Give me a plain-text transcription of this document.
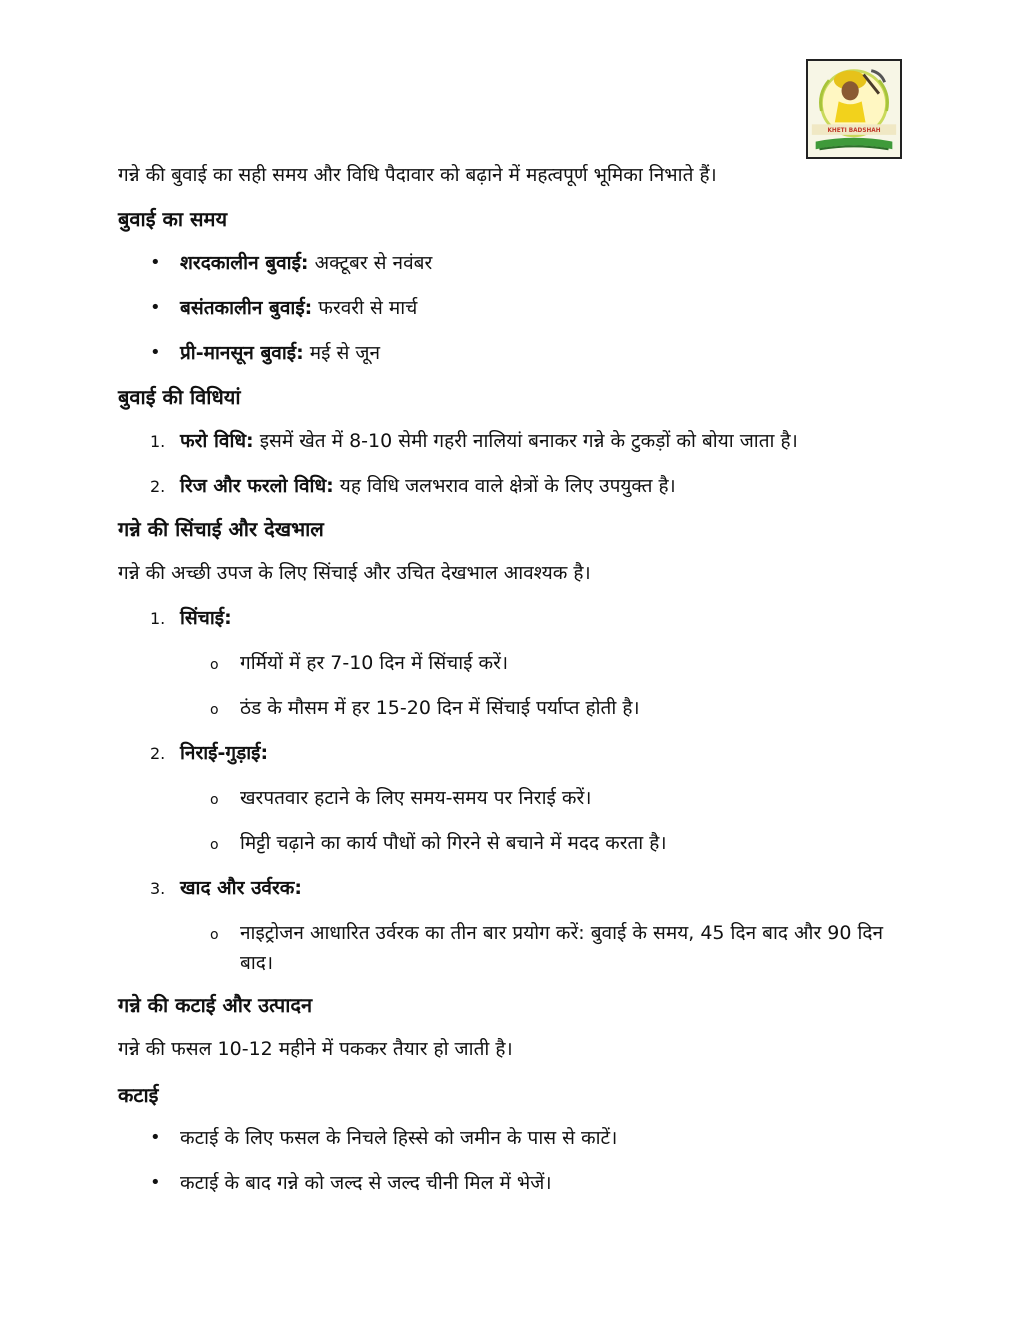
KHETI BADSHAH

गन्ने की बुवाई का सही समय और विधि पैदावार को बढ़ाने में महत्वपूर्ण भूमिका निभाते हैं।

बुवाई का समय
• शरदकालीन बुवाई: अक्टूबर से नवंबर
• बसंतकालीन बुवाई: फरवरी से मार्च
• प्री-मानसून बुवाई: मई से जून
बुवाई की विधियां
1. फरो विधि: इसमें खेत में 8-10 सेमी गहरी नालियां बनाकर गन्ने के टुकड़ों को बोया जाता है।
2. रिज और फरलो विधि: यह विधि जलभराव वाले क्षेत्रों के लिए उपयुक्त है।
गन्ने की सिंचाई और देखभाल

गन्ने की अच्छी उपज के लिए सिंचाई और उचित देखभाल आवश्यक है।

1. सिंचाई:
o गर्मियों में हर 7-10 दिन में सिंचाई करें।
o ठंड के मौसम में हर 15-20 दिन में सिंचाई पर्याप्त होती है।
2. निराई-गुड़ाई:
o खरपतवार हटाने के लिए समय-समय पर निराई करें।
o मिट्टी चढ़ाने का कार्य पौधों को गिरने से बचाने में मदद करता है।
3. खाद और उर्वरक:
o नाइट्रोजन आधारित उर्वरक का तीन बार प्रयोग करें: बुवाई के समय, 45 दिन बाद और 90 दिन बाद।
गन्ने की कटाई और उत्पादन

गन्ने की फसल 10-12 महीने में पककर तैयार हो जाती है।

कटाई
• कटाई के लिए फसल के निचले हिस्से को जमीन के पास से काटें।
• कटाई के बाद गन्ने को जल्द से जल्द चीनी मिल में भेजें।
